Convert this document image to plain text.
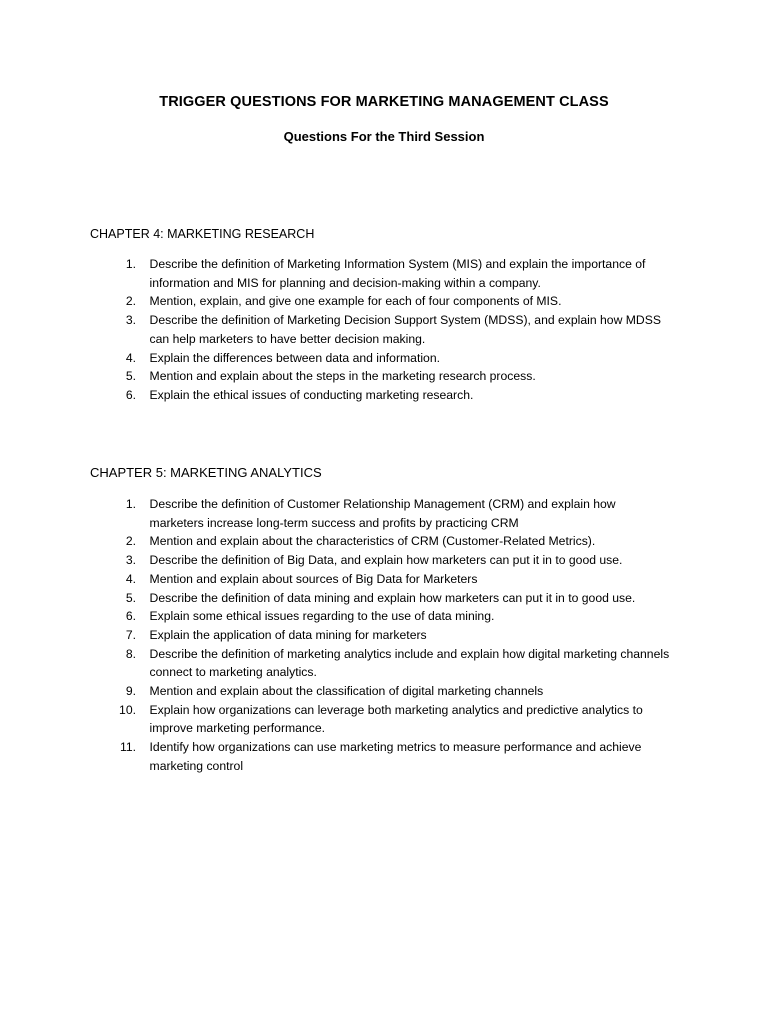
TRIGGER QUESTIONS FOR MARKETING MANAGEMENT CLASS
Questions For the Third Session
CHAPTER 4: MARKETING RESEARCH
1.
Describe the definition of Marketing Information System (MIS) and explain the importance of information and MIS for planning and decision-making within a company.
2.
Mention, explain, and give one example for each of four components of MIS.
3.
Describe the definition of Marketing Decision Support System (MDSS), and explain how MDSS can help marketers to have better decision making.
4.
Explain the differences between data and information.
5.
Mention and explain about the steps in the marketing research process.
6.
Explain the ethical issues of conducting marketing research.
CHAPTER 5: MARKETING ANALYTICS
1.
Describe the definition of Customer Relationship Management (CRM) and explain how marketers increase long-term success and profits by practicing CRM
2.
Mention and explain about the characteristics of CRM (Customer-Related Metrics).
3.
Describe the definition of Big Data, and explain how marketers can put it in to good use.
4.
Mention and explain about sources of Big Data for Marketers
5.
Describe the definition of data mining and explain how marketers can put it in to good use.
6.
Explain some ethical issues regarding to the use of data mining.
7.
Explain the application of data mining for marketers
8.
Describe the definition of marketing analytics include and explain how digital marketing channels connect to marketing analytics.
9.
Mention and explain about the classification of digital marketing channels
10.
Explain how organizations can leverage both marketing analytics and predictive analytics to improve marketing performance.
11.
Identify how organizations can use marketing metrics to measure performance and achieve marketing control
